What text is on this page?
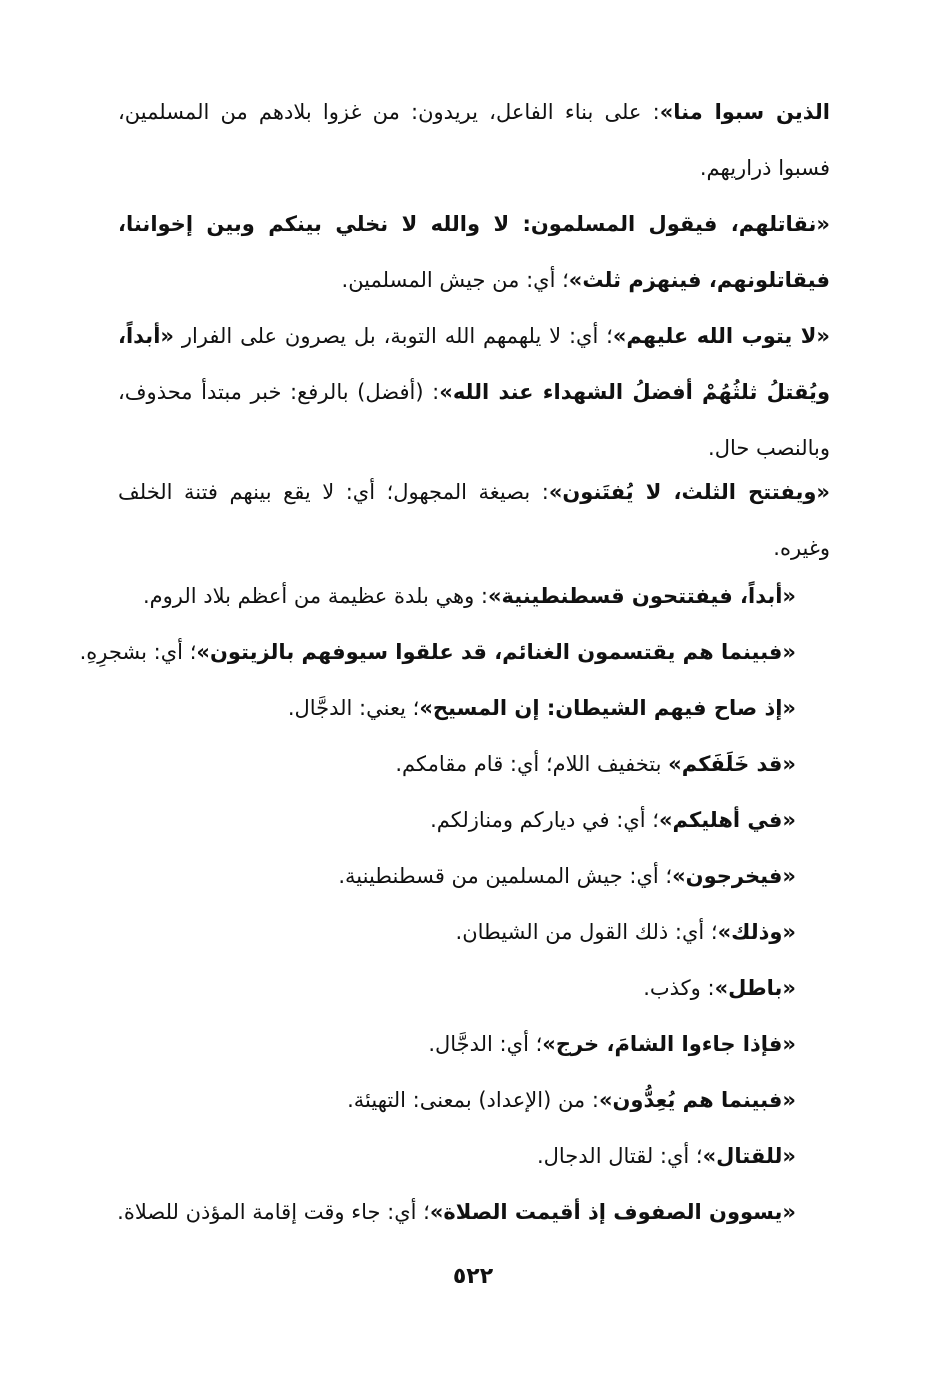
الذين سبوا منا»: على بناء الفاعل، يريدون: من غزوا بلادهم من المسلمين، فسبوا ذراريهم.
«نقاتلهم، فيقول المسلمون: لا والله لا نخلي بينكم وبين إخواننا، فيقاتلونهم، فينهزم ثلث»؛ أي: من جيش المسلمين.
«لا يتوب الله عليهم»؛ أي: لا يلهمهم الله التوبة، بل يصرون على الفرار «أبداً، ويُقتلُ ثلثُهُمْ أفضلُ الشهداء عند الله»: (أفضل) بالرفع: خبر مبتدأ محذوف، وبالنصب حال.
«ويفتتح الثلث، لا يُفتَنون»: بصيغة المجهول؛ أي: لا يقع بينهم فتنة الخلف وغيره.
«أبداً، فيفتتحون قسطنطينية»: وهي بلدة عظيمة من أعظم بلاد الروم.
«فبينما هم يقتسمون الغنائم، قد علقوا سيوفهم بالزيتون»؛ أي: بشجرِهِ.
«إذ صاح فيهم الشيطان: إن المسيح»؛ يعني: الدجَّال.
«قد خَلَفَكم» بتخفيف اللام؛ أي: قام مقامكم.
«في أهليكم»؛ أي: في دياركم ومنازلكم.
«فيخرجون»؛ أي: جيش المسلمين من قسطنطينية.
«وذلك»؛ أي: ذلك القول من الشيطان.
«باطل»: وكذب.
«فإذا جاءوا الشامَ، خرج»؛ أي: الدجَّال.
«فبينما هم يُعِدُّون»: من (الإعداد) بمعنى: التهيئة.
«للقتال»؛ أي: لقتال الدجال.
«يسوون الصفوف إذ أقيمت الصلاة»؛ أي: جاء وقت إقامة المؤذن للصلاة.
٥٢٢
